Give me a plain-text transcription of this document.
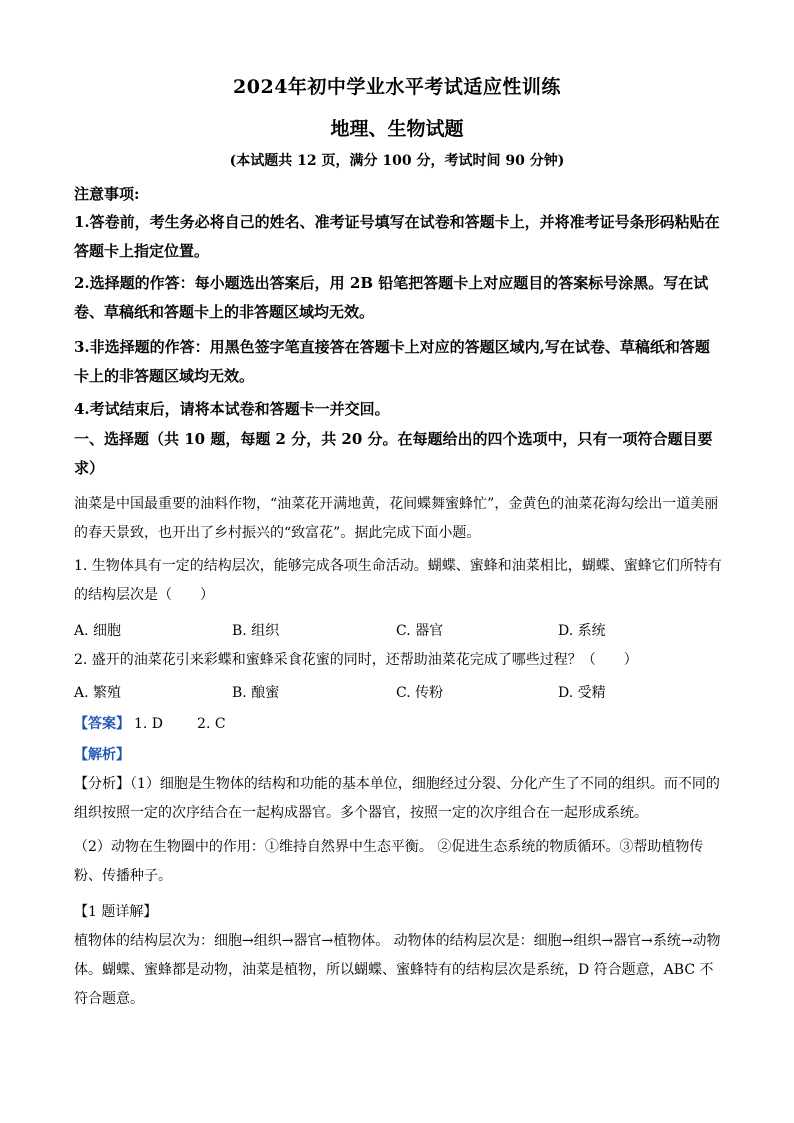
2024年初中学业水平考试适应性训练
地理、生物试题
(本试题共 12 页，满分 100 分，考试时间 90 分钟)
注意事项:
1.答卷前，考生务必将自己的姓名、准考证号填写在试卷和答题卡上，并将准考证号条形码粘贴在答题卡上指定位置。
2.选择题的作答：每小题选出答案后，用 2B 铅笔把答题卡上对应题目的答案标号涂黑。写在试卷、草稿纸和答题卡上的非答题区域均无效。
3.非选择题的作答：用黑色签字笔直接答在答题卡上对应的答题区域内,写在试卷、草稿纸和答题卡上的非答题区域均无效。
4.考试结束后，请将本试卷和答题卡一并交回。
一、选择题（共 10 题，每题 2 分，共 20 分。在每题给出的四个选项中，只有一项符合题目要求）
油菜是中国最重要的油料作物，“油菜花开满地黄，花间蝶舞蜜蜂忙”，金黄色的油菜花海勾绘出一道美丽的春天景致，也开出了乡村振兴的“致富花”。据此完成下面小题。
1. 生物体具有一定的结构层次，能够完成各项生命活动。蝴蝶、蜜蜂和油菜相比，蝴蝶、蜜蜂它们所特有的结构层次是（　　）
A. 细胞	B. 组织	C. 器官	D. 系统
2. 盛开的油菜花引来彩蝶和蜜蜂采食花蜜的同时，还帮助油菜花完成了哪些过程？（　　）
A. 繁殖	B. 酿蜜	C. 传粉	D. 受精
【答案】 1. D 2. C
【解析】
【分析】（1）细胞是生物体的结构和功能的基本单位，细胞经过分裂、分化产生了不同的组织。而不同的组织按照一定的次序结合在一起构成器官。多个器官，按照一定的次序组合在一起形成系统。
（2）动物在生物圈中的作用：①维持自然界中生态平衡。 ②促进生态系统的物质循环。③帮助植物传粉、传播种子。
【1 题详解】
植物体的结构层次为：细胞→组织→器官→植物体。 动物体的结构层次是：细胞→组织→器官→系统→动物体。蝴蝶、蜜蜂都是动物，油菜是植物，所以蝴蝶、蜜蜂特有的结构层次是系统，D 符合题意，ABC 不符合题意。
